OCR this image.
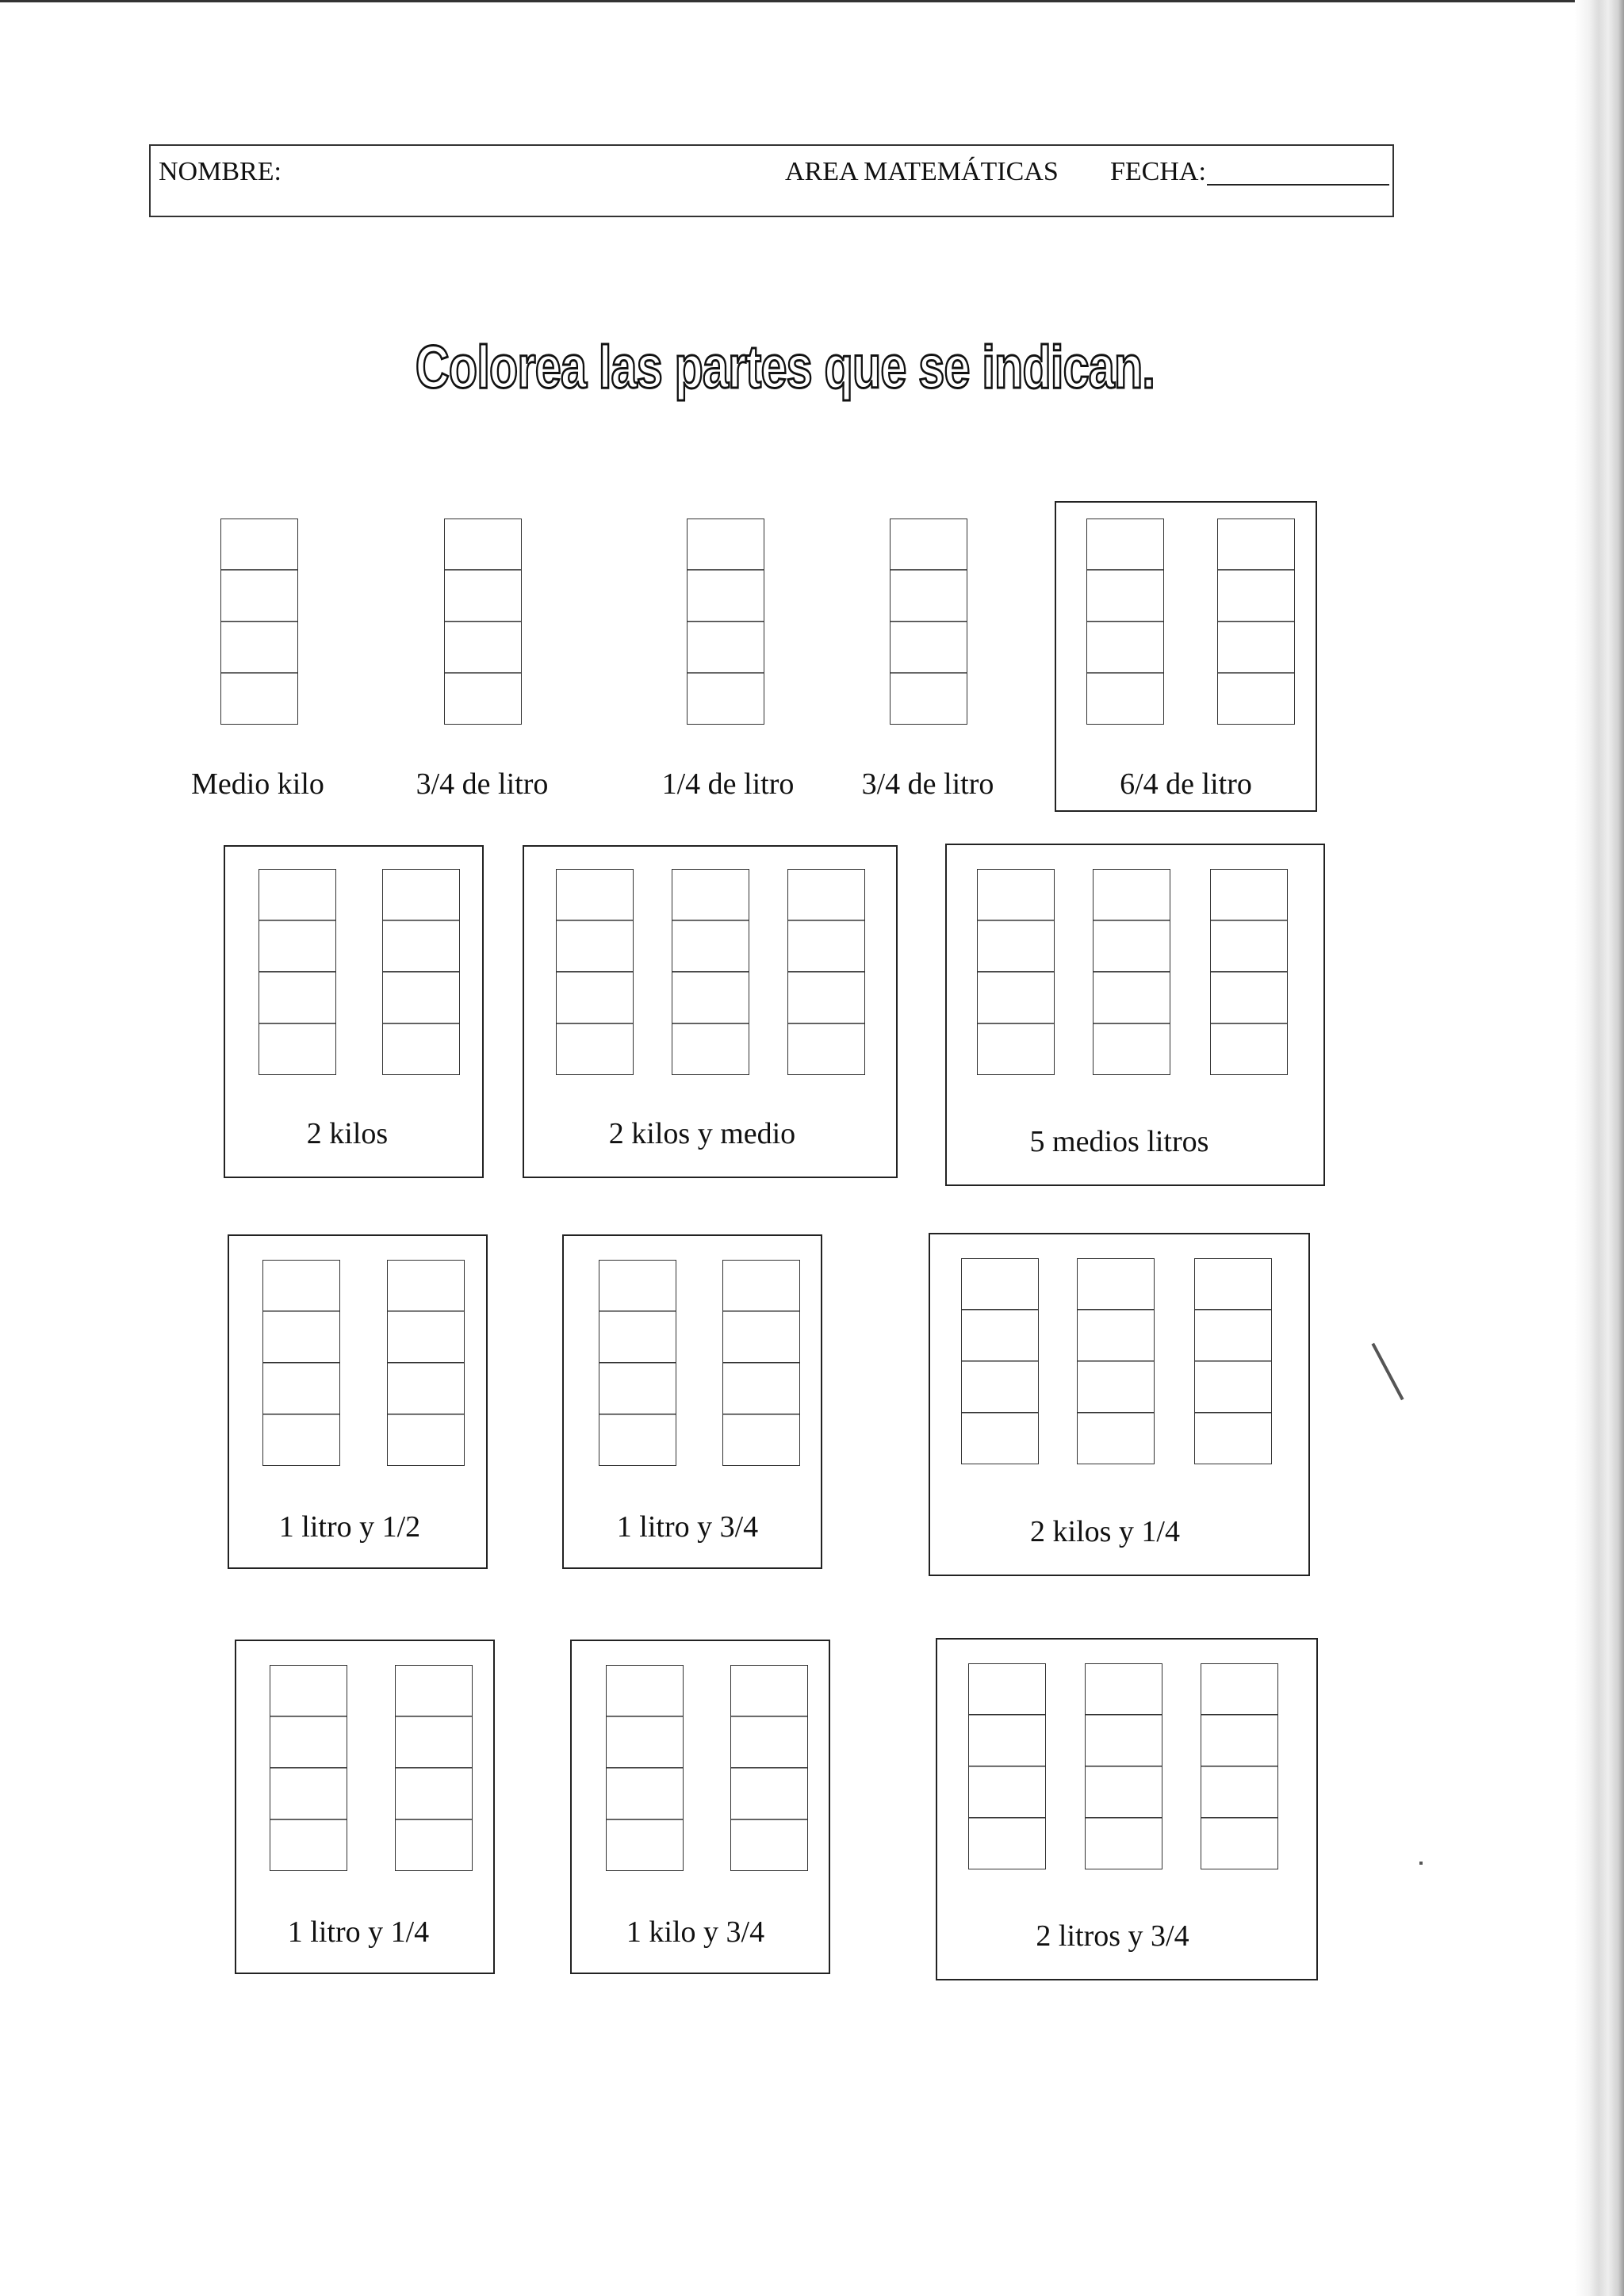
NOMBRE:	AREA MATEMÁTICAS FECHA:
Colorea las partes que se indican.
Medio kilo	3/4 de litro	1/4 de litro	3/4 de litro	6/4 de litro
2 kilos	2 kilos y medio	5 medios litros
1 litro y 1/2	1 litro y 3/4	2 kilos y 1/4
1 litro y 1/4	1 kilo y 3/4	2 litros y 3/4
